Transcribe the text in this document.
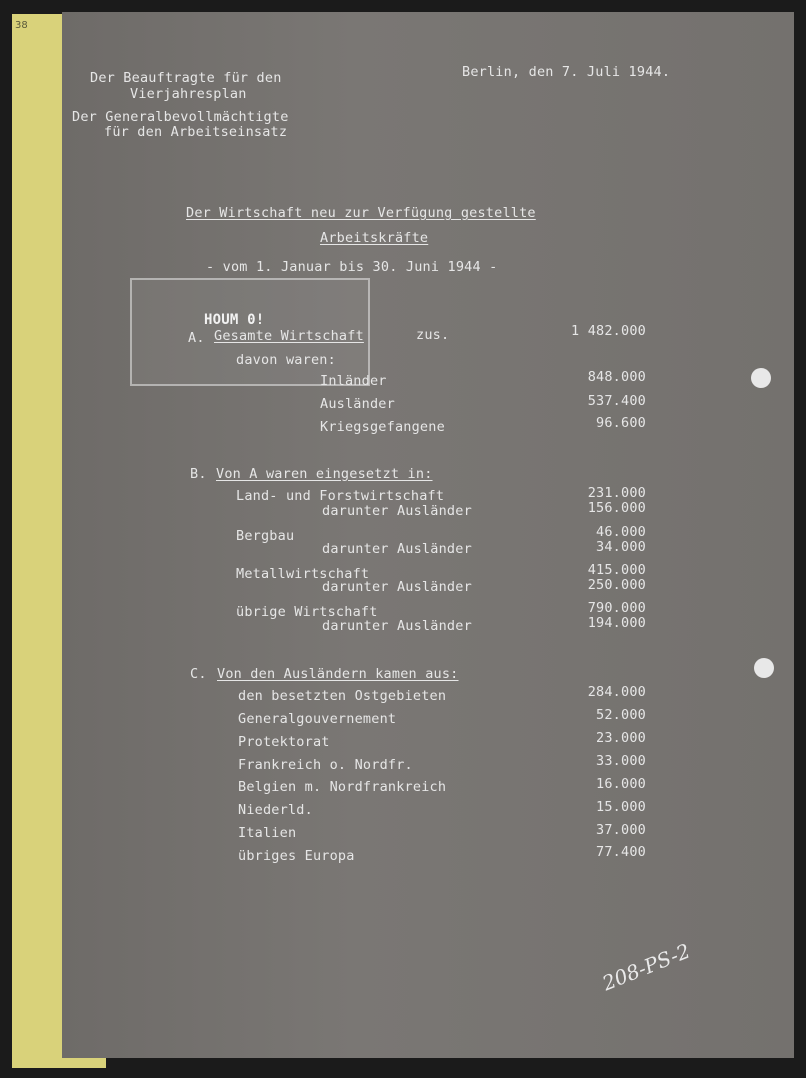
38
Der Beauftragte für den
Vierjahresplan
Der Generalbevollmächtigte
für den Arbeitseinsatz
Berlin, den 7. Juli 1944.
Der Wirtschaft neu zur Verfügung gestellte
Arbeitskräfte
- vom 1. Januar bis 30. Juni 1944 -
HOUM 0!
A. Gesamte Wirtschaft	zus.	1 482.000
davon waren:
Inländer	848.000
Ausländer	537.400
Kriegsgefangene	96.600
B. Von A waren eingesetzt in:
Land- und Forstwirtschaft	231.000
darunter Ausländer	156.000
Bergbau	46.000
darunter Ausländer	34.000
Metallwirtschaft	415.000
darunter Ausländer	250.000
übrige Wirtschaft	790.000
darunter Ausländer	194.000
C. Von den Ausländern kamen aus:
den besetzten Ostgebieten	284.000
Generalgouvernement	52.000
Protektorat	23.000
Frankreich o. Nordfr.	33.000
Belgien m. Nordfrankreich	16.000
Niederld.	15.000
Italien	37.000
übriges Europa	77.400
208-PS-2
